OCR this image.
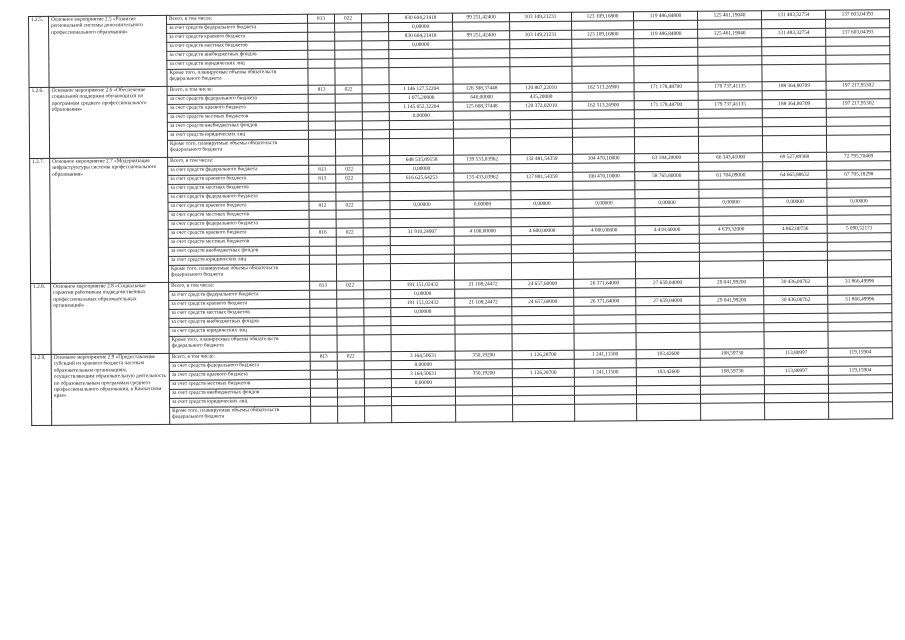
1.2.5.	Основное мероприятие 2.5 «Развитие региональной системы дополнительного профессионального образования»	Всего, в том числе:	813	022		830 604,21418	99 251,42400	103 149,21231	123 109,16800	119 486,84800	125 461,19040	131 483,32754	137 603,04393
		за счет средств федерального бюджета				0,00000							
		за счет средств краевого бюджета				830 604,21418	99 251,42400	103 149,21231	123 109,16800	119 486,84800	125 461,19040	131 483,32754	137 603,04393
		за счет средств местных бюджетов				0,00000							
		за счет средств внебюджетных фондов											
		за счет средств юридических лиц											
		Кроме того, планируемые объемы обязательств федерального бюджета											
1.2.6.	Основное мероприятие 2.6 «Обеспечение социальной поддержки обучающихся по программам среднего профессионального образования»	Всего, в том числе:	813	022		1 146 127,52204	126 308,37448	120 807,22010	162 513,26900	171 178,48700	179 737,41135	188 364,80709	197 217,95302
		за счет средств федерального бюджета				1 075,20000	640,00000	435,20000					
		за счет средств краевого бюджета				1 145 052,32204	125 668,37448	120 372,02010	162 513,26900	171 178,48700	179 737,41135	188 364,80709	197 217,95302
		за счет средств местных бюджетов				0,00000							
		за счет средств внебюджетных фондов											
		за счет средств юридических лиц											
		Кроме того, планируемые объемы обязательств федерального бюджета											
1.2.7.	Основное мероприятие 2.7 «Модернизация инфраструктуры системы профессионального образования»	Всего, в том числе:				648 535,89158	139 533,03962	132 481,54359	104 470,10000	63 184,20000	66 343,41000	69 527,89368	72 795,70469
		за счет средств федерального бюджета	813	022		0,00000							
		за счет средств краевого бюджета	813	022		616 625,64253	135 433,03962	127 881,54359	100 470,10000	58 765,80000	61 704,09000	64 665,88632	67 705,18298
		за счет средств местных бюджетов											
		за счет средств федерального бюджета											
		за счет средств краевого бюджета	812	022		0,00000	0,00000	0,00000	0,00000	0,00000	0,00000	0,00000	0,00000
		за счет средств местных бюджетов											
		за счет средств федерального бюджета											
		за счет средств краевого бюджета	816	022		31 910,24907	4 100,00000	4 600,00000	4 000,00000	4 418,40000	4 639,32000	4 862,00736	5 090,52171
		за счет средств местных бюджетов											
		за счет средств внебюджетных фондов											
		за счет средств юридических лиц											
		Кроме того, планируемые объемы обязательств федерального бюджета											
1.2.8.	Основное мероприятие 2.8 «Социальные гарантии работникам подведомственных профессиональных образовательных организаций»	Всего, в том числе:	813	022		191 151,02432	21 108,24472	24 657,60000	26 371,64000	27 659,04000	29 041,99200	30 436,00762	31 866,49996
		за счет средств федерального бюджета				0,00000							
		за счет средств краевого бюджета				191 151,02432	21 108,24472	24 657,60000	26 371,64000	27 659,04000	29 041,99200	30 436,00762	31 866,49996
		за счет средств местных бюджетов				0,00000							
		за счет средств внебюджетных фондов											
		за счет средств юридических лиц											
		Кроме того, планируемые объемы обязательств федерального бюджета											
1.2.9.	Основное мероприятие 2.9 «Предоставление субсидий из краевого бюджета частным образовательным организациям, осуществляющим образовательную деятельность по образовательным программам среднего профессионального образования, в Камчатском крае»	Всего, в том числе:	813	022		3 164,50631	350,19200	1 126,28700	1 241,11500	103,42600	108,59730	113,80997	119,15904
		за счет средств федерального бюджета				0,00000							
		за счет средств краевого бюджета				3 164,50631	350,19200	1 126,28700	1 241,11500	103,42600	108,59730	113,80997	119,15904
		за счет средств местных бюджетов				0,00000							
		за счет средств внебюджетных фондов											
		за счет средств юридических лиц											
		Кроме того, планируемые объемы обязательств федерального бюджета											
